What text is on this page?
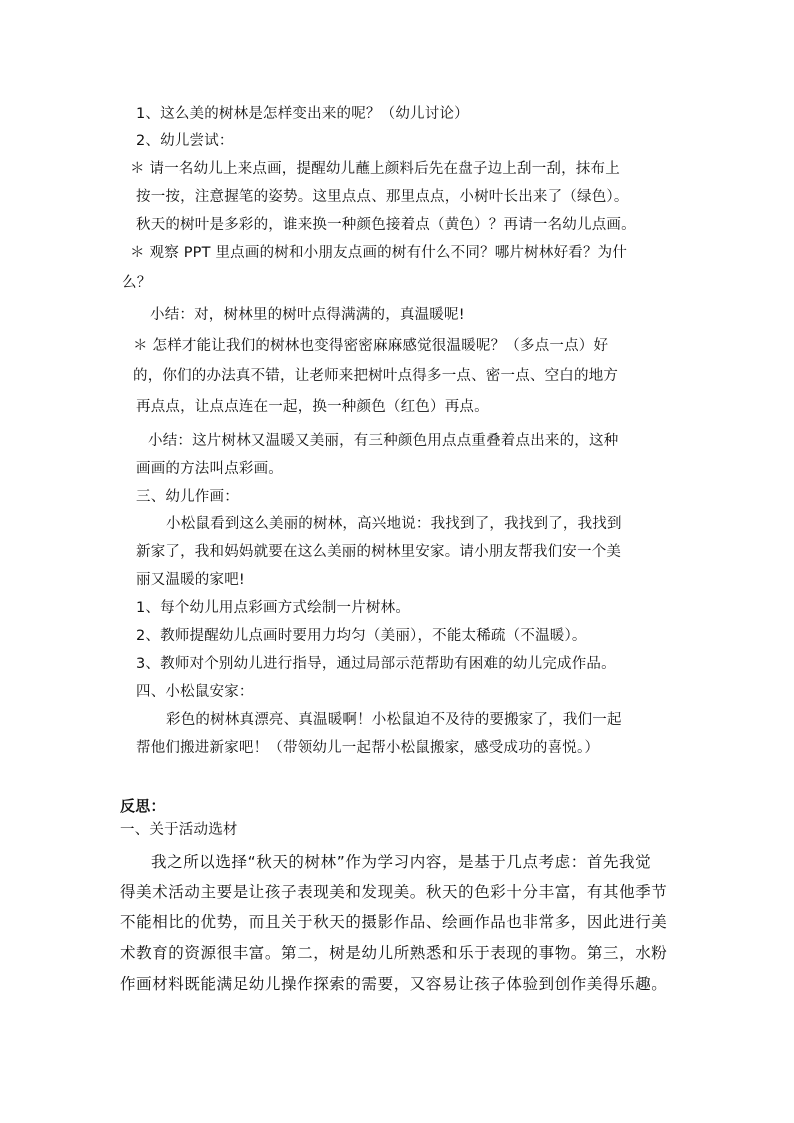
1、这么美的树林是怎样变出来的呢？（幼儿讨论）
2、幼儿尝试：
＊ 请一名幼儿上来点画，提醒幼儿蘸上颜料后先在盘子边上刮一刮，抹布上
按一按，注意握笔的姿势。这里点点、那里点点，小树叶长出来了（绿色）。
秋天的树叶是多彩的，谁来换一种颜色接着点（黄色）？再请一名幼儿点画。
＊ 观察 PPT 里点画的树和小朋友点画的树有什么不同？哪片树林好看？为什
么？
小结：对，树林里的树叶点得满满的，真温暖呢!
＊ 怎样才能让我们的树林也变得密密麻麻感觉很温暖呢？（多点一点）好
的，你们的办法真不错，让老师来把树叶点得多一点、密一点、空白的地方
再点点，让点点连在一起，换一种颜色（红色）再点。
小结：这片树林又温暖又美丽，有三种颜色用点点重叠着点出来的，这种
画画的方法叫点彩画。
三、幼儿作画：
小松鼠看到这么美丽的树林，高兴地说：我找到了，我找到了，我找到
新家了，我和妈妈就要在这么美丽的树林里安家。请小朋友帮我们安一个美
丽又温暖的家吧!
1、每个幼儿用点彩画方式绘制一片树林。
2、教师提醒幼儿点画时要用力均匀（美丽），不能太稀疏（不温暖）。
3、教师对个别幼儿进行指导，通过局部示范帮助有困难的幼儿完成作品。
四、小松鼠安家：
彩色的树林真漂亮、真温暖啊！小松鼠迫不及待的要搬家了，我们一起
帮他们搬进新家吧！（带领幼儿一起帮小松鼠搬家，感受成功的喜悦。）
反思：
一、关于活动选材
我之所以选择“秋天的树林”作为学习内容，是基于几点考虑：首先我觉
得美术活动主要是让孩子表现美和发现美。秋天的色彩十分丰富，有其他季节
不能相比的优势，而且关于秋天的摄影作品、绘画作品也非常多，因此进行美
术教育的资源很丰富。第二，树是幼儿所熟悉和乐于表现的事物。第三，水粉
作画材料既能满足幼儿操作探索的需要，又容易让孩子体验到创作美得乐趣。
